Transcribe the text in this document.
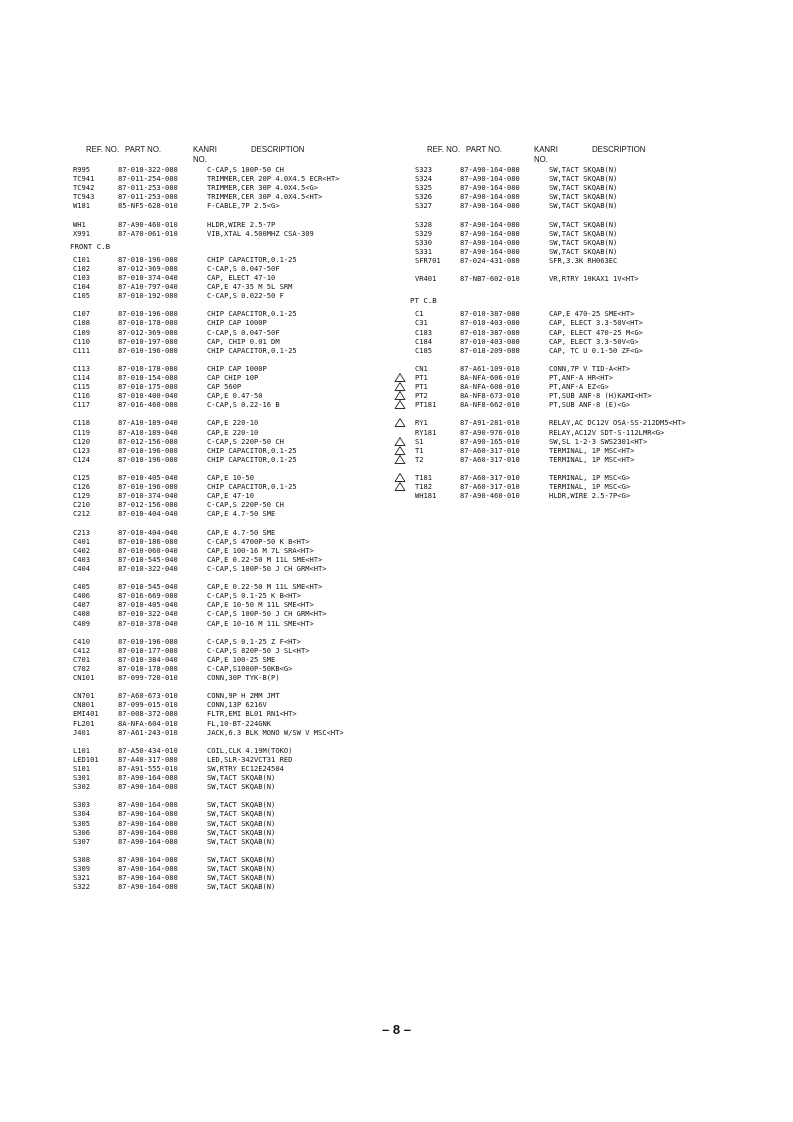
REF. NO. PART NO.	KANRI NO.
DESCRIPTION
R995	87-010-322-080	C-CAP,S 100P-50 CH
TC941	87-011-254-080	TRIMMER,CER 20P 4.0X4.5 ECR<HT>
TC942	87-011-253-080	TRIMMER,CER 30P 4.0X4.5<G>
TC943	87-011-253-080	TRIMMER,CER 30P 4.0X4.5<HT>
W181	85-NF5-628-010	F-CABLE,7P 2.5<G>
WH1	87-A90-460-010	HLDR,WIRE 2.5-7P
X991	87-A70-061-010	VIB,XTAL 4.500MHZ CSA-309
FRONT C.B
C101	87-010-196-080	CHIP CAPACITOR,0.1-25
C102	87-012-369-080	C-CAP,S 0.047-50F
C103	87-010-374-040	CAP, ELECT 47-10
C104	87-A10-797-040	CAP,E 47-35 M 5L SRM
C105	87-010-192-080	C-CAP,S 0.022-50 F
C107	87-010-196-080	CHIP CAPACITOR,0.1-25
C108	87-010-178-080	CHIP CAP 1000P
C109	87-012-369-080	C-CAP,S 0.047-50F
C110	87-010-197-080	CAP, CHIP 0.01 DM
C111	87-010-196-080	CHIP CAPACITOR,0.1-25
C113	87-010-178-080	CHIP CAP 1000P
C114	87-010-154-080	CAP CHIP 10P
C115	87-010-175-080	CAP 560P
C116	87-010-400-040	CAP,E 0.47-50
C117	87-016-460-080	C-CAP,S 0.22-16 B
C118	87-A10-189-040	CAP,E 220-10
C119	87-A10-189-040	CAP,E 220-10
C120	87-012-156-080	C-CAP,S 220P-50 CH
C123	87-010-196-080	CHIP CAPACITOR,0.1-25
C124	87-010-196-080	CHIP CAPACITOR,0.1-25
C125	87-010-405-040	CAP,E 10-50
C126	87-010-196-080	CHIP CAPACITOR,0.1-25
C129	87-010-374-040	CAP,E 47-10
C210	87-012-156-080	C-CAP,S 220P-50 CH
C212	87-010-404-040	CAP,E 4.7-50 SME
C213	87-010-404-040	CAP,E 4.7-50 SME
C401	87-010-186-080	C-CAP,S 4700P-50 K B<HT>
C402	87-010-060-040	CAP,E 100-16 M 7L SRA<HT>
C403	87-010-545-040	CAP,E 0.22-50 M 11L SME<HT>
C404	87-010-322-040	C-CAP,S 100P-50 J CH GRM<HT>
C405	87-010-545-040	CAP,E 0.22-50 M 11L SME<HT>
C406	87-016-669-080	C-CAP,S 0.1-25 K B<HT>
C407	87-010-405-040	CAP,E 10-50 M 11L SME<HT>
C408	87-010-322-040	C-CAP,S 100P-50 J CH GRM<HT>
C409	87-010-378-040	CAP,E 10-16 M 11L SME<HT>
C410	87-010-196-080	C-CAP,S 0.1-25 Z F<HT>
C412	87-010-177-080	C-CAP,S 820P-50 J SL<HT>
C701	87-010-384-040	CAP,E 100-25 SME
C702	87-010-178-080	C-CAP,S1000P-50KB<G>
CN101	87-099-720-010	CONN,30P TYK-B(P)
CN701	87-A60-673-010	CONN,9P H 2MM JMT
CN801	87-099-015-010	CONN,13P 6216V
EMI401	87-008-372-080	FLTR,EMI BL01 RN1<HT>
FL201	8A-NFA-604-010	FL,10-BT-224GNK
J401	87-A61-243-010	JACK,6.3 BLK MONO W/SW V MSC<HT>
L101	87-A50-434-010	COIL,CLK 4.19M(TOKO)
LED101	87-A40-317-080	LED,SLR-342VCT31 RED
S101	87-A91-555-010	SW,RTRY EC12E24504
S301	87-A90-164-080	SW,TACT SKQAB(N)
S302	87-A90-164-080	SW,TACT SKQAB(N)
S303	87-A90-164-080	SW,TACT SKQAB(N)
S304	87-A90-164-080	SW,TACT SKQAB(N)
S305	87-A90-164-080	SW,TACT SKQAB(N)
S306	87-A90-164-080	SW,TACT SKQAB(N)
S307	87-A90-164-080	SW,TACT SKQAB(N)
S308	87-A90-164-080	SW,TACT SKQAB(N)
S309	87-A90-164-080	SW,TACT SKQAB(N)
S321	87-A90-164-080	SW,TACT SKQAB(N)
S322	87-A90-164-080	SW,TACT SKQAB(N)
REF. NO. PART NO.	KANRI NO.
DESCRIPTION
S323	87-A90-164-080	SW,TACT SKQAB(N)
S324	87-A90-164-080	SW,TACT SKQAB(N)
S325	87-A90-164-080	SW,TACT SKQAB(N)
S326	87-A90-164-080	SW,TACT SKQAB(N)
S327	87-A90-164-080	SW,TACT SKQAB(N)
S328	87-A90-164-080	SW,TACT SKQAB(N)
S329	87-A90-164-080	SW,TACT SKQAB(N)
S330	87-A90-164-080	SW,TACT SKQAB(N)
S331	87-A90-164-080	SW,TACT SKQAB(N)
SFR701	87-024-431-080	SFR,3.3K RH063EC
VR401	87-NB7-602-010	VR,RTRY 10KAX1 1V<HT>
PT C.B
C1	87-010-387-080	CAP,E 470-25 SME<HT>
C31	87-010-403-080	CAP, ELECT 3.3-50V<HT>
C183	87-010-387-080	CAP, ELECT 470-25 M<G>
C184	87-010-403-080	CAP, ELECT 3.3-50V<G>
C185	87-018-209-080	CAP, TC U 0.1-50 ZF<G>
CN1	87-A61-109-010	CONN,7P V TID-A<HT>
PT1	8A-NFA-606-010	PT,ANF-A HR<HT>
PT1	8A-NFA-608-010	PT,ANF-A EZ<G>
PT2	8A-NF8-673-010	PT,SUB ANF-8 (H)KAMI<HT>
PT181	8A-NF8-662-010	PT,SUB ANF-8 (E)<G>
RY1	87-A91-281-010	RELAY,AC DC12V OSA-SS-212DM5<HT>
RY181	87-A90-976-010	RELAY,AC12V SDT-S-112LMR<G>
S1	87-A90-165-010	SW,SL 1-2-3 SWS2301<HT>
T1	87-A60-317-010	TERMINAL, 1P MSC<HT>
T2	87-A60-317-010	TERMINAL, 1P MSC<HT>
T181	87-A60-317-010	TERMINAL, 1P MSC<G>
T182	87-A60-317-010	TERMINAL, 1P MSC<G>
WH181	87-A90-460-010	HLDR,WIRE 2.5-7P<G>
– 8 –
